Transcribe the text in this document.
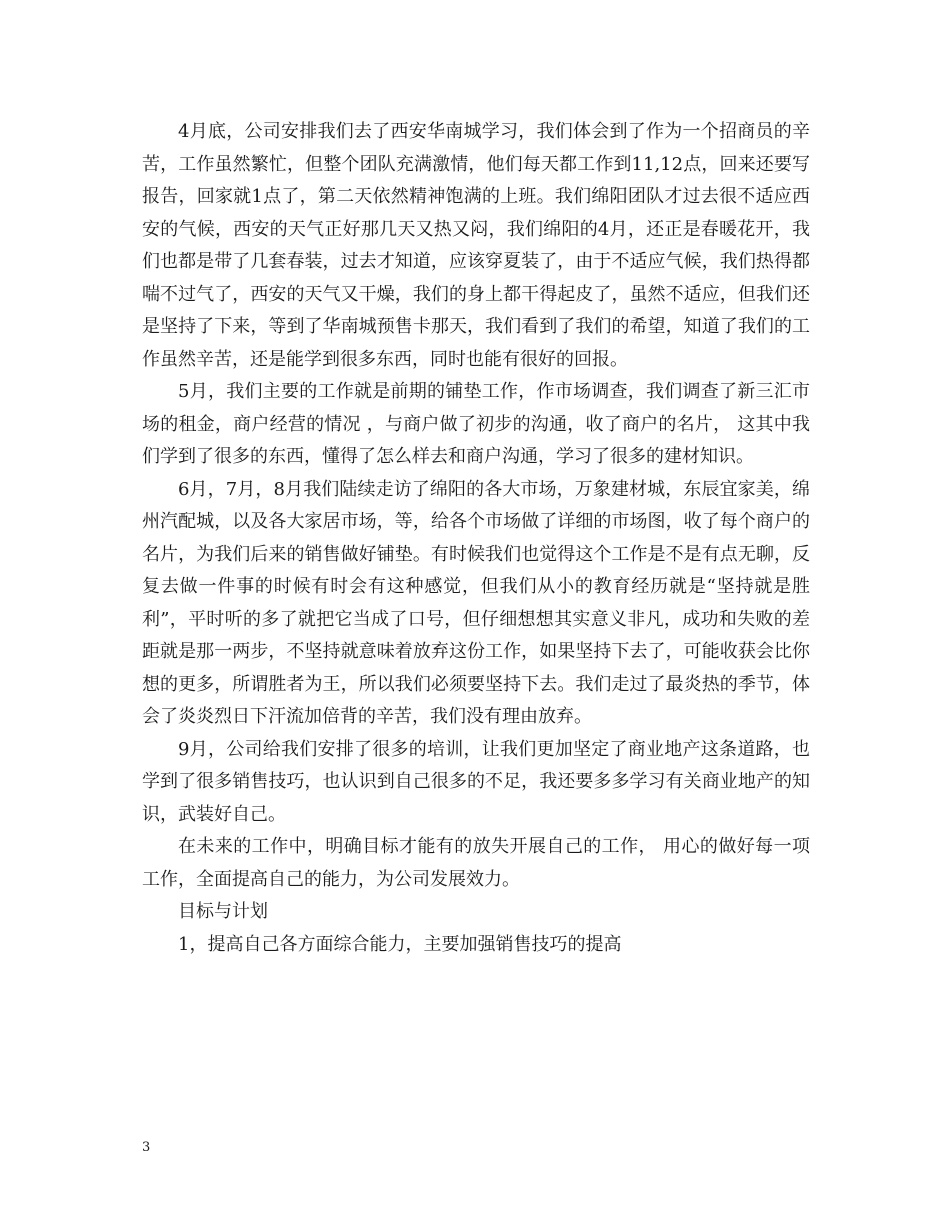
4月底，公司安排我们去了西安华南城学习，我们体会到了作为一个招商员的辛苦，工作虽然繁忙，但整个团队充满激情，他们每天都工作到11,12点，回来还要写报告，回家就1点了，第二天依然精神饱满的上班。我们绵阳团队才过去很不适应西安的气候，西安的天气正好那几天又热又闷，我们绵阳的4月，还正是春暖花开，我们也都是带了几套春装，过去才知道，应该穿夏装了，由于不适应气候，我们热得都喘不过气了，西安的天气又干燥，我们的身上都干得起皮了，虽然不适应，但我们还是坚持了下来，等到了华南城预售卡那天，我们看到了我们的希望，知道了我们的工作虽然辛苦，还是能学到很多东西，同时也能有很好的回报。

5月，我们主要的工作就是前期的铺垫工作，作市场调查，我们调查了新三汇市场的租金，商户经营的情况 ，与商户做了初步的沟通，收了商户的名片， 这其中我们学到了很多的东西，懂得了怎么样去和商户沟通，学习了很多的建材知识。

6月，7月，8月我们陆续走访了绵阳的各大市场，万象建材城，东辰宜家美，绵州汽配城，以及各大家居市场，等，给各个市场做了详细的市场图，收了每个商户的名片，为我们后来的销售做好铺垫。有时候我们也觉得这个工作是不是有点无聊，反复去做一件事的时候有时会有这种感觉，但我们从小的教育经历就是“坚持就是胜利”，平时听的多了就把它当成了口号，但仔细想想其实意义非凡，成功和失败的差距就是那一两步，不坚持就意味着放弃这份工作，如果坚持下去了，可能收获会比你想的更多，所谓胜者为王，所以我们必须要坚持下去。我们走过了最炎热的季节，体会了炎炎烈日下汗流加倍背的辛苦，我们没有理由放弃。

9月，公司给我们安排了很多的培训，让我们更加坚定了商业地产这条道路，也学到了很多销售技巧，也认识到自己很多的不足，我还要多多学习有关商业地产的知识，武装好自己。

在未来的工作中，明确目标才能有的放失开展自己的工作， 用心的做好每一项工作，全面提高自己的能力，为公司发展效力。

目标与计划

1，提高自己各方面综合能力，主要加强销售技巧的提高

3
